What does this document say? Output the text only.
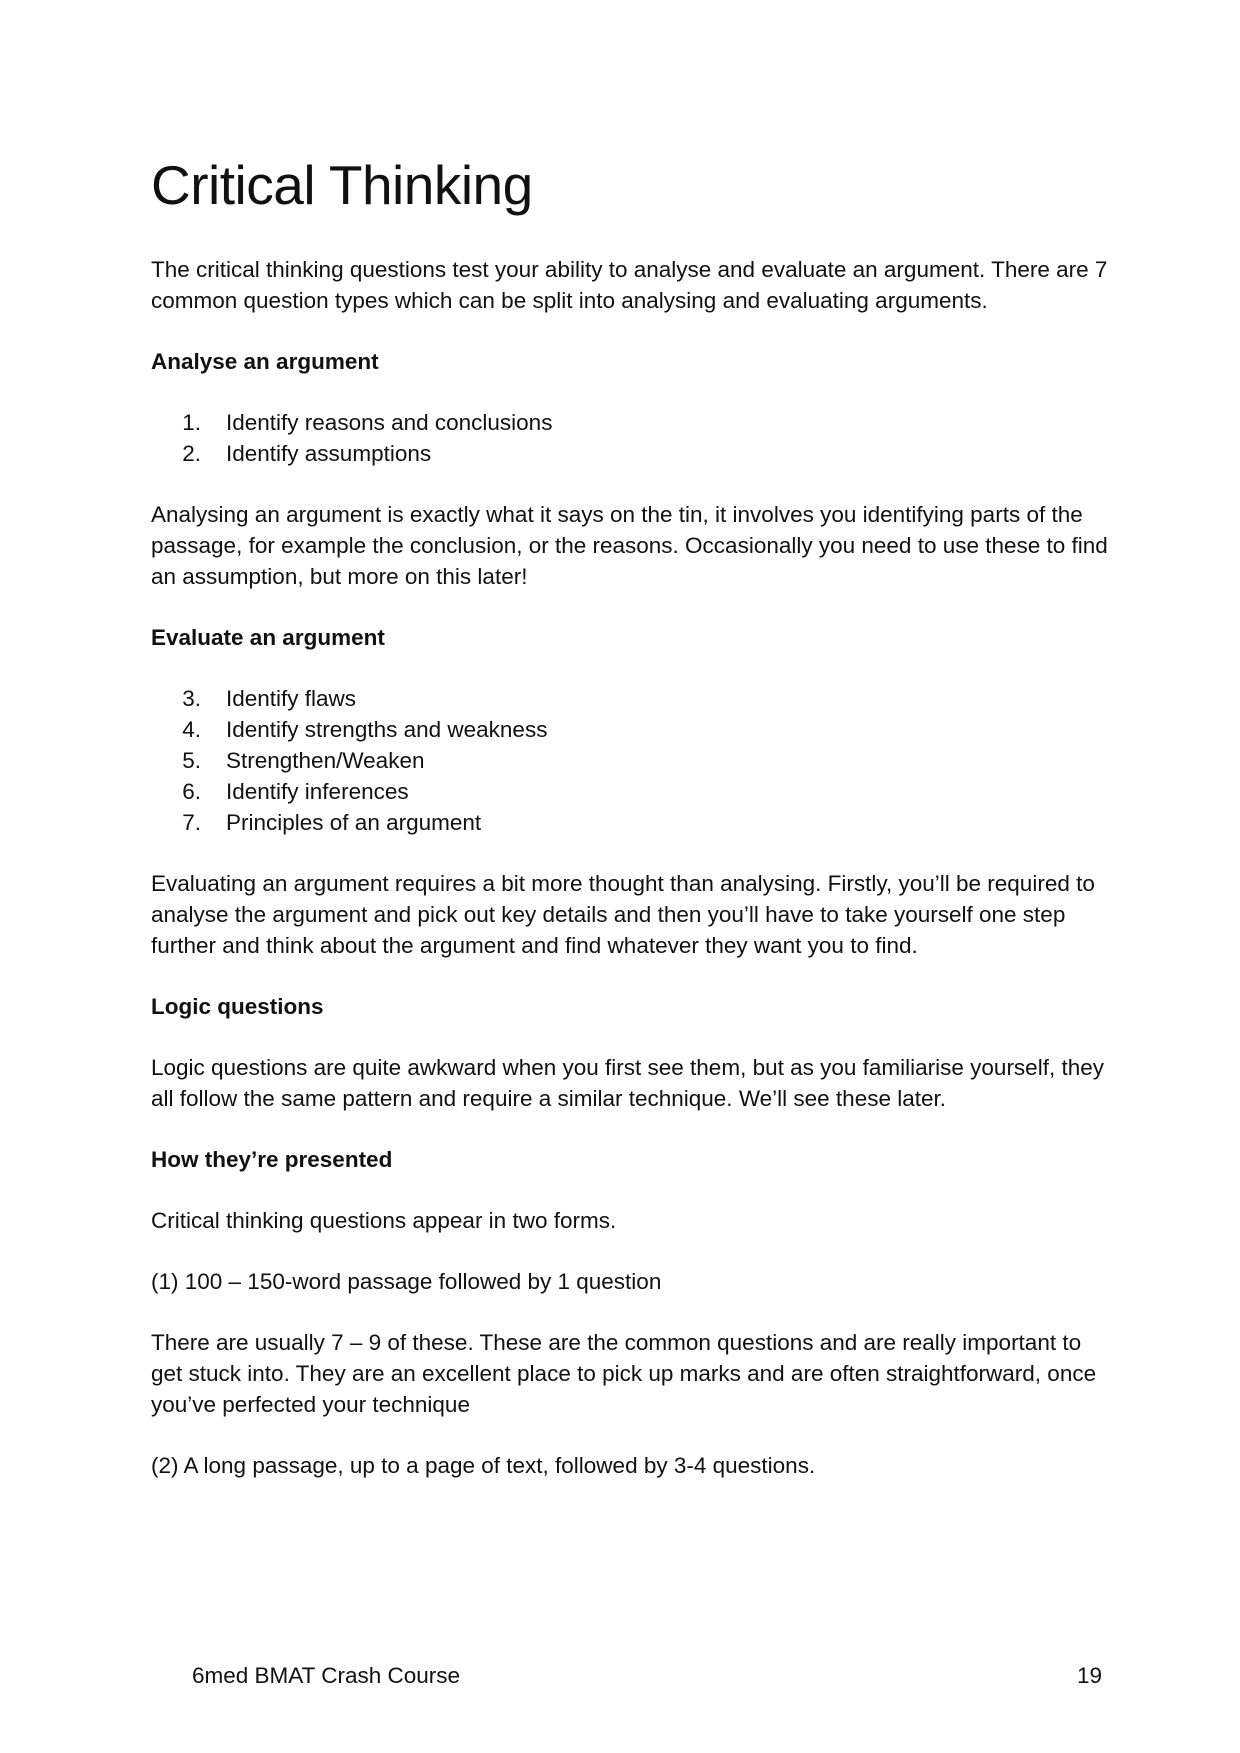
Critical Thinking

The critical thinking questions test your ability to analyse and evaluate an argument. There are 7 common question types which can be split into analysing and evaluating arguments.

Analyse an argument
1. Identify reasons and conclusions
2. Identify assumptions

Analysing an argument is exactly what it says on the tin, it involves you identifying parts of the passage, for example the conclusion, or the reasons. Occasionally you need to use these to find an assumption, but more on this later!

Evaluate an argument
3. Identify flaws
4. Identify strengths and weakness
5. Strengthen/Weaken
6. Identify inferences
7. Principles of an argument

Evaluating an argument requires a bit more thought than analysing. Firstly, you’ll be required to analyse the argument and pick out key details and then you’ll have to take yourself one step further and think about the argument and find whatever they want you to find.

Logic questions

Logic questions are quite awkward when you first see them, but as you familiarise yourself, they all follow the same pattern and require a similar technique. We’ll see these later.

How they’re presented

Critical thinking questions appear in two forms.

(1) 100 – 150-word passage followed by 1 question

There are usually 7 – 9 of these. These are the common questions and are really important to get stuck into. They are an excellent place to pick up marks and are often straightforward, once you’ve perfected your technique

(2) A long passage, up to a page of text, followed by 3-4 questions.

6med BMAT Crash Course	19
